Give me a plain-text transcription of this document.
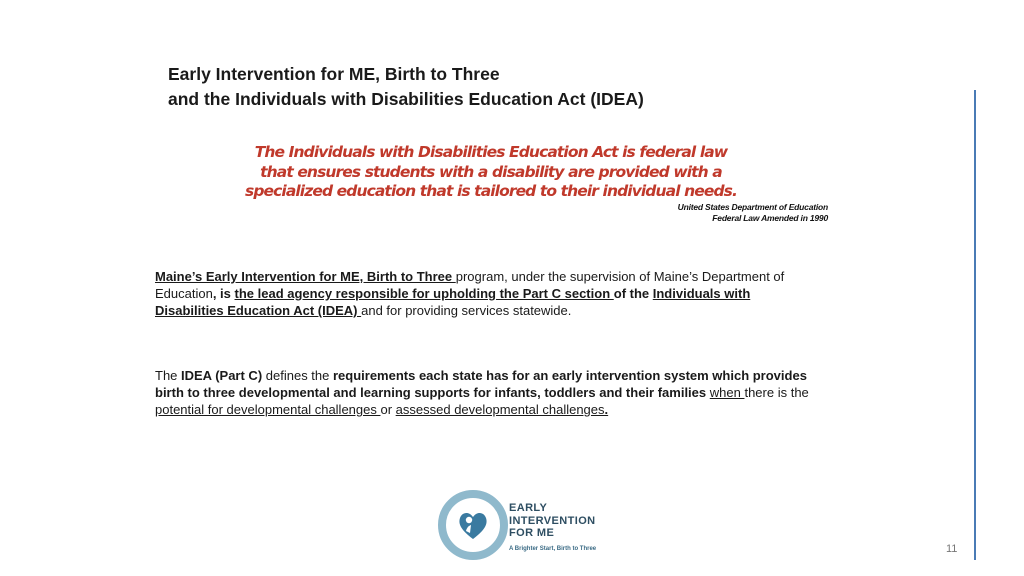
Early Intervention for ME, Birth to Three
and the Individuals with Disabilities Education Act (IDEA)
The Individuals with Disabilities Education Act is federal law
that ensures students with a disability are provided with a
specialized education that is tailored to their individual needs.
United States Department of Education
Federal Law Amended in 1990

Maine’s Early Intervention for ME, Birth to Three program, under the supervision of Maine’s Department of Education, is the lead agency responsible for upholding the Part C section of the Individuals with Disabilities Education Act (IDEA) and for providing services statewide.

The IDEA (Part C) defines the requirements each state has for an early intervention system which provides birth to three developmental and learning supports for infants, toddlers and their families when there is the potential for developmental challenges or assessed developmental challenges.

EARLY
INTERVENTION
FOR ME
A Brighter Start, Birth to Three	11
